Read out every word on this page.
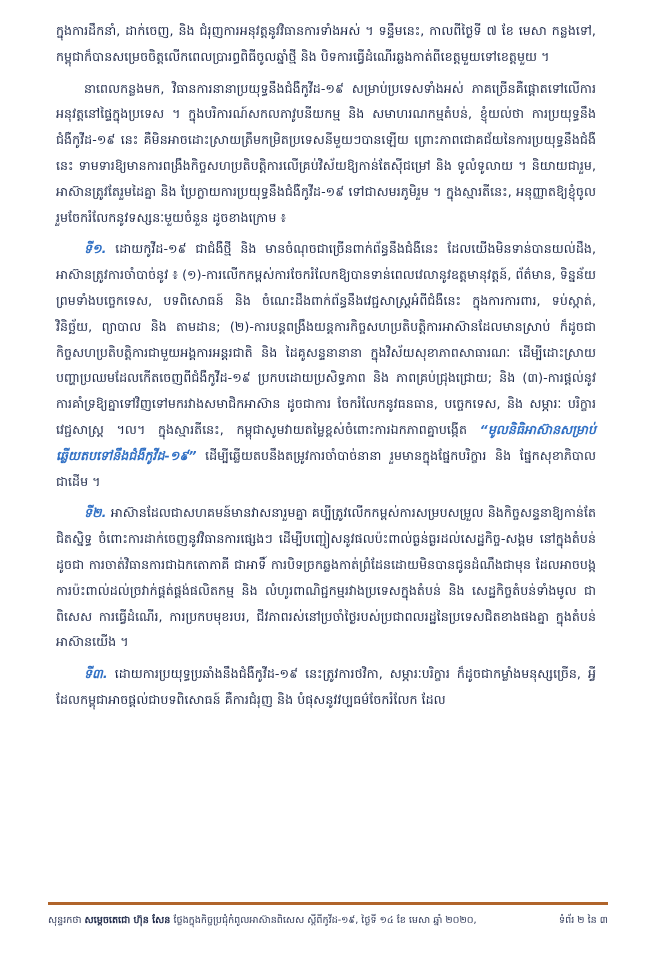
ក្នុងការដឹកនាំ, ដាក់ចេញ, និង ជំរុញការអនុវត្តនូវវិធានការទាំងអស់ ។ ទន្ទឹមនេះ, កាលពីថ្ងៃទី ៧ ខែ មេសា កន្លងទៅ, កម្ពុជាក៏បានសម្រេចចិត្តលើកពេលប្រារព្ធពិធីចូលឆ្នាំថ្មី និង បិទការធ្វើដំណើរឆ្លងកាត់ពីខេត្តមួយទៅខេត្តមួយ ។

នាពេលកន្លងមក, វិធានការនានាប្រយុទ្ធនឹងជំងឺកូវីដ-១៩ សម្រាប់ប្រទេសទាំងអស់ ភាគច្រើនគឺផ្តោតទៅលើការអនុវត្តនៅផ្ទៃក្នុងប្រទេស ។ ក្នុងបរិការណ៍សកលភាវូបនីយកម្ម និង សមាហរណកម្មតំបន់, ខ្ញុំយល់ថា ការប្រយុទ្ធនឹងជំងឺកូវីដ-១៩ នេះ គឺមិនអាចដោះស្រាយត្រឹមកម្រិតប្រទេសនីមួយៗបានឡើយ ព្រោះភាពជោគជ័យនៃការប្រយុទ្ធនឹងជំងឺនេះ ទាមទារឱ្យមានការពង្រឹងកិច្ចសហប្រតិបត្តិការលើគ្រប់វិស័យឱ្យកាន់តែស៊ីជម្រៅ និង ទូលំទូលាយ ។ និយាយជារួម, អាស៊ានត្រូវតែរួមដៃគ្នា និង ប្រែក្លាយការប្រយុទ្ធនឹងជំងឺកូវីដ-១៩ ទៅជាសមរភូមិរួម ។ ក្នុងស្មារតីនេះ, អនុញ្ញាតឱ្យខ្ញុំចូលរួមចែករំលែកនូវទស្សនៈមួយចំនួន ដូចខាងក្រោម ៖

ទី១. ដោយកូវីដ-១៩ ជាជំងឺថ្មី និង មានចំណុចជាច្រើនពាក់ព័ន្ធនឹងជំងឺនេះ ដែលយើងមិនទាន់បានយល់ដឹង, អាស៊ានត្រូវការចាំបាច់នូវ ៖ (១)-ការលើកកម្ពស់ការចែករំលែកឱ្យបានទាន់ពេលវេលានូវឧត្តមានុវត្តន៍, ព័ត៌មាន, ទិន្នន័យ ព្រមទាំងបច្ចេកទេស, បទពិសោធន៍ និង ចំណេះដឹងពាក់ព័ន្ធនឹងវេជ្ជសាស្ត្រអំពីជំងឺនេះ ក្នុងការការពារ, ទប់ស្កាត់, វិនិច្ឆ័យ, ព្យាបាល និង តាមដាន; (២)-ការបន្តពង្រឹងយន្តការកិច្ចសហប្រតិបត្តិការអាស៊ានដែលមានស្រាប់ ក៏ដូចជាកិច្ចសហប្រតិបត្តិការជាមួយអង្គការអន្តរជាតិ និង ដៃគូសន្ទនានានា ក្នុងវិស័យសុខាភាពសាធារណៈ ដើម្បីដោះស្រាយបញ្ហាប្រឈមដែលកើតចេញពីជំងឺកូវីដ-១៩ ប្រកបដោយប្រសិទ្ធភាព និង ភាពគ្រប់ជ្រុងជ្រោយ; និង (៣)-ការផ្តល់នូវការគាំទ្រឱ្យគ្នាទៅវិញទៅមករវាងសមាជិកអាស៊ាន ដូចជាការ ចែករំលែកនូវធនធាន, បច្ចេកទេស, និង សម្ភារៈ បរិក្ខារវេជ្ជសាស្ត្រ ។ល។ ក្នុងស្មារតីនេះ, កម្ពុជាសូមវាយតម្លៃខ្ពស់ចំពោះការឯកភាពគ្នាបង្កើត “មូលនិធិអាស៊ានសម្រាប់ឆ្លើយតបទៅនឹងជំងឺកូវីដ-១៩” ដើម្បីឆ្លើយតបនឹងតម្រូវការចាំបាច់នានា រួមមានក្នុងផ្នែកបរិក្ខារ និង ផ្នែកសុខាភិបាល ជាដើម ។

ទី២. អាស៊ានដែលជាសហគមន៍មានវាសនារួមគ្នា គប្បីត្រូវលើកកម្ពស់ការសម្របសម្រួល និងកិច្ចសន្ទនាឱ្យកាន់តែជិតស្និទ្ធ ចំពោះការដាក់ចេញនូវវិធានការផ្សេងៗ ដើម្បីបញ្ជៀសនូវផលប៉ះពាល់ធ្ងន់ធ្ងរដល់សេដ្ឋកិច្ច-សង្គម នៅក្នុងតំបន់ ដូចជា ការចាត់វិធានការជាឯកតោភាគី ជាអាទិ៍ ការបិទច្រកឆ្លងកាត់ព្រំដែនដោយមិនបានជូនដំណឹងជាមុន ដែលអាចបង្កការប៉ះពាល់ដល់ច្រវាក់ផ្គត់ផ្គង់ផលិតកម្ម និង លំហូរពាណិជ្ជកម្មរវាងប្រទេសក្នុងតំបន់ និង សេដ្ឋកិច្ចតំបន់ទាំងមូល ជាពិសេស ការធ្វើដំណើរ, ការប្រកបមុខរបរ, ជីវភាពរស់នៅប្រចាំថ្ងៃរបស់ប្រជាពលរដ្ឋនៃប្រទេសជិតខាងផងគ្នា ក្នុងតំបន់អាស៊ានយើង ។

ទី៣. ដោយការប្រយុទ្ធប្រឆាំងនឹងជំងឺកូវីដ-១៩ នេះត្រូវការថវិកា, សម្ភារៈបរិក្ខារ ក៏ដូចជាកម្លាំងមនុស្សច្រើន, អ្វីដែលកម្ពុជាអាចផ្តល់ជាបទពិសោធន៍ គឺការជំរុញ និង បំផុសនូវវប្បធម៌ចែករំលែក ដែល

សុន្ទរកថា សម្តេចតេជោ ហ៊ុន សែន ថ្លែងក្នុងកិច្ចប្រជុំកំពូលអាស៊ានពិសេស ស្តីពីកូវីដ-១៩, ថ្ងៃទី ១៤ ខែ មេសា ឆ្នាំ ២០២០,	ទំព័រ ២ នៃ ៣
